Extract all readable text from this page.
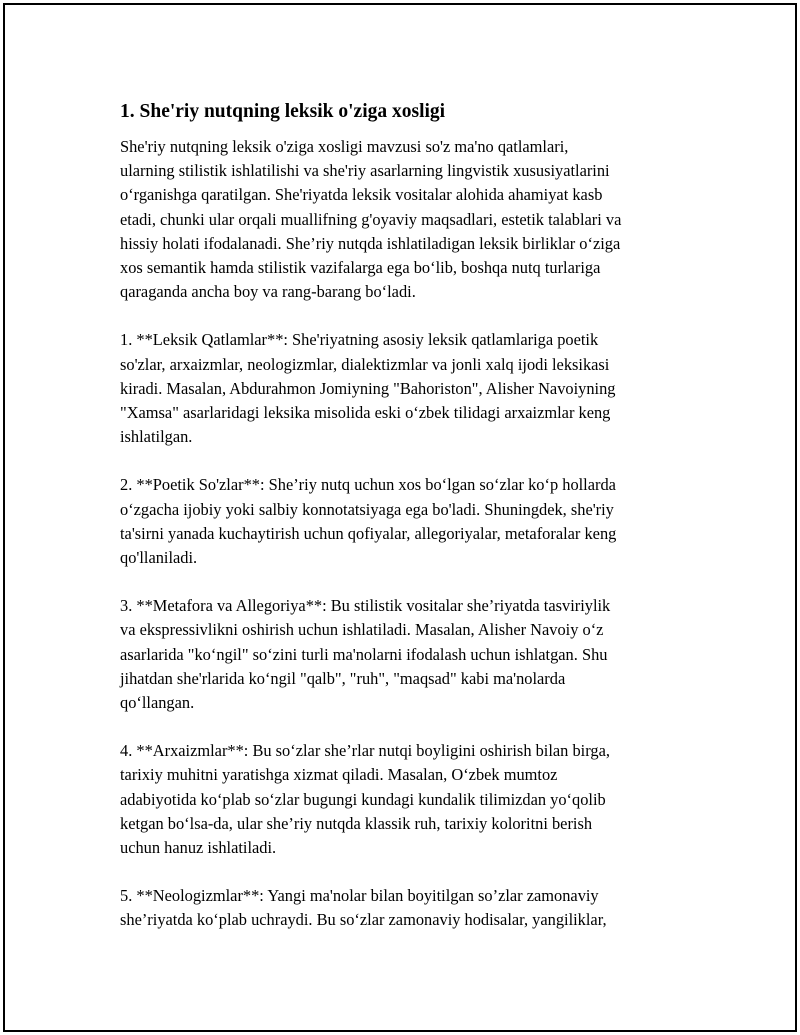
1. She'riy nutqning leksik o'ziga xosligi

She'riy nutqning leksik o'ziga xosligi mavzusi so'z ma'no qatlamlari,
ularning stilistik ishlatilishi va she'riy asarlarning lingvistik xususiyatlarini
o‘rganishga qaratilgan. She'riyatda leksik vositalar alohida ahamiyat kasb
etadi, chunki ular orqali muallifning g'oyaviy maqsadlari, estetik talablari va
hissiy holati ifodalanadi. She’riy nutqda ishlatiladigan leksik birliklar o‘ziga
xos semantik hamda stilistik vazifalarga ega bo‘lib, boshqa nutq turlariga
qaraganda ancha boy va rang-barang bo‘ladi.

1. **Leksik Qatlamlar**: She'riyatning asosiy leksik qatlamlariga poetik
so'zlar, arxaizmlar, neologizmlar, dialektizmlar va jonli xalq ijodi leksikasi
kiradi. Masalan, Abdurahmon Jomiyning "Bahoriston", Alisher Navoiyning
"Xamsa" asarlaridagi leksika misolida eski o‘zbek tilidagi arxaizmlar keng
ishlatilgan.

2. **Poetik So'zlar**: She’riy nutq uchun xos bo‘lgan so‘zlar ko‘p hollarda
o‘zgacha ijobiy yoki salbiy konnotatsiyaga ega bo'ladi. Shuningdek, she'riy
ta'sirni yanada kuchaytirish uchun qofiyalar, allegoriyalar, metaforalar keng
qo'llaniladi.

3. **Metafora va Allegoriya**: Bu stilistik vositalar she’riyatda tasviriylik
va ekspressivlikni oshirish uchun ishlatiladi. Masalan, Alisher Navoiy o‘z
asarlarida "ko‘ngil" so‘zini turli ma'nolarni ifodalash uchun ishlatgan. Shu
jihatdan she'rlarida ko‘ngil "qalb", "ruh", "maqsad" kabi ma'nolarda
qo‘llangan.

4. **Arxaizmlar**: Bu so‘zlar she’rlar nutqi boyligini oshirish bilan birga,
tarixiy muhitni yaratishga xizmat qiladi. Masalan, O‘zbek mumtoz
adabiyotida ko‘plab so‘zlar bugungi kundagi kundalik tilimizdan yo‘qolib
ketgan bo‘lsa-da, ular she’riy nutqda klassik ruh, tarixiy koloritni berish
uchun hanuz ishlatiladi.

5. **Neologizmlar**: Yangi ma'nolar bilan boyitilgan so’zlar zamonaviy
she’riyatda ko‘plab uchraydi. Bu so‘zlar zamonaviy hodisalar, yangiliklar,
